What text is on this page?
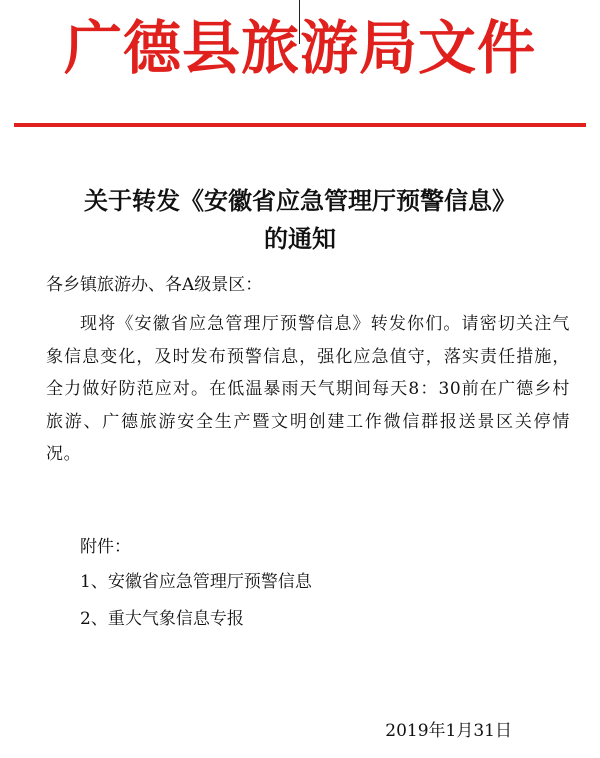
广德县旅游局文件
关于转发《安徽省应急管理厅预警信息》
的通知
各乡镇旅游办、各A级景区：
现将《安徽省应急管理厅预警信息》转发你们。请密切关注气象信息变化，及时发布预警信息，强化应急值守，落实责任措施，全力做好防范应对。在低温暴雨天气期间每天8：30前在广德乡村旅游、广德旅游安全生产暨文明创建工作微信群报送景区关停情况。
附件：
1、安徽省应急管理厅预警信息
2、重大气象信息专报
2019年1月31日
